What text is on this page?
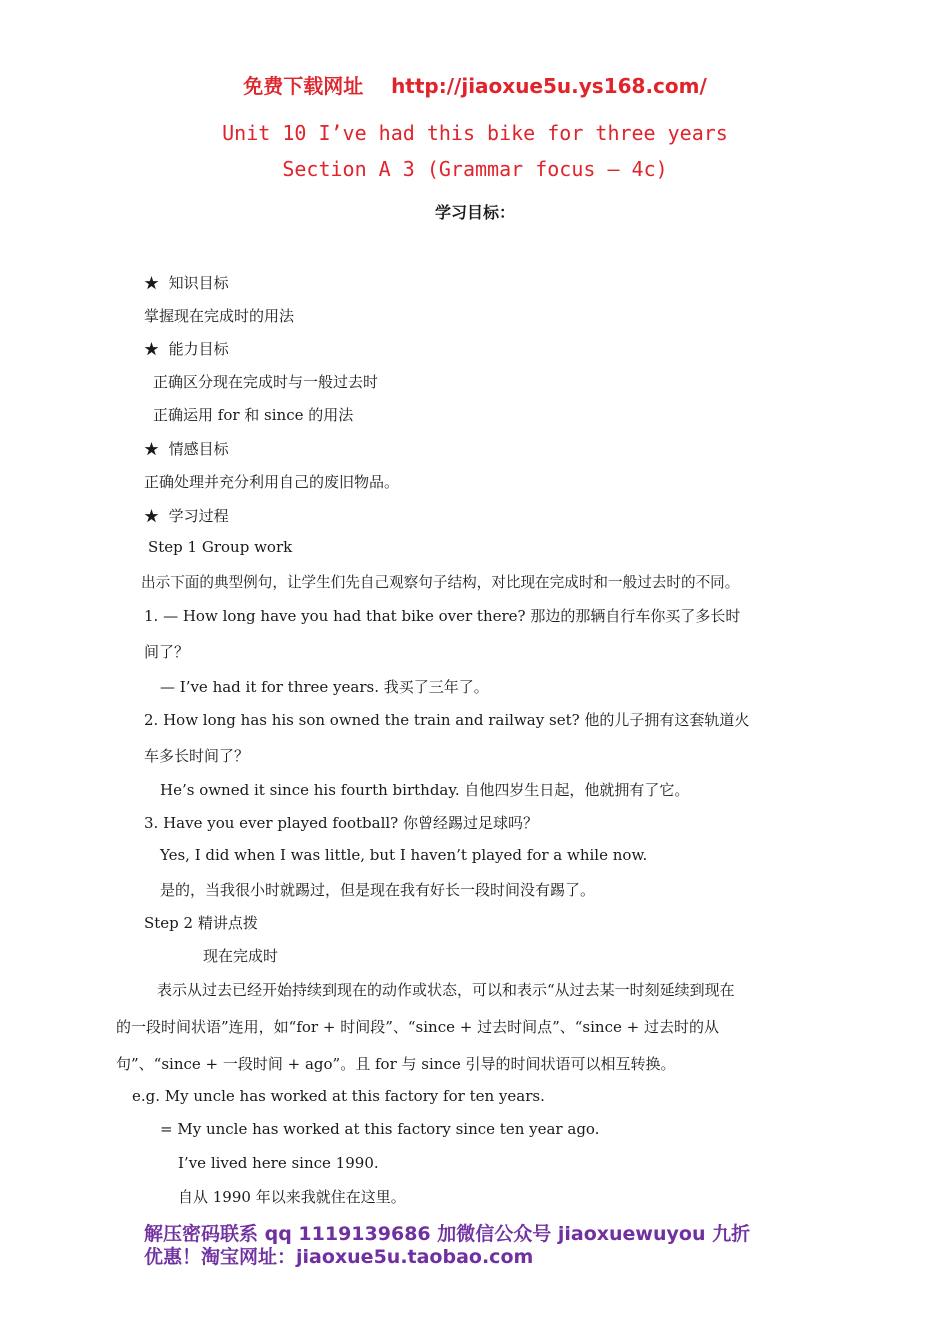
免费下载网址 http://jiaoxue5u.ys168.com/
Unit 10 I’ve had this bike for three years
Section A 3 (Grammar focus – 4c)
学习目标：
★ 知识目标
掌握现在完成时的用法
★ 能力目标
正确区分现在完成时与一般过去时
正确运用 for 和 since 的用法
★ 情感目标
正确处理并充分利用自己的废旧物品。
★ 学习过程
Step 1 Group work
出示下面的典型例句，让学生们先自己观察句子结构，对比现在完成时和一般过去时的不同。
1. — How long have you had that bike over there? 那边的那辆自行车你买了多长时
间了？
— I’ve had it for three years. 我买了三年了。
2. How long has his son owned the train and railway set? 他的儿子拥有这套轨道火
车多长时间了？
He’s owned it since his fourth birthday. 自他四岁生日起，他就拥有了它。
3. Have you ever played football? 你曾经踢过足球吗？
Yes, I did when I was little, but I haven’t played for a while now.
是的，当我很小时就踢过，但是现在我有好长一段时间没有踢了。
Step 2 精讲点拨
现在完成时
表示从过去已经开始持续到现在的动作或状态，可以和表示“从过去某一时刻延续到现在
的一段时间状语”连用，如“for + 时间段”、“since + 过去时间点”、“since + 过去时的从
句”、“since + 一段时间 + ago”。且 for 与 since 引导的时间状语可以相互转换。
e.g. My uncle has worked at this factory for ten years.
= My uncle has worked at this factory since ten year ago.
I’ve lived here since 1990.
自从 1990 年以来我就住在这里。
解压密码联系 qq 1119139686 加微信公众号 jiaoxuewuyou 九折
优惠！淘宝网址：jiaoxue5u.taobao.com
